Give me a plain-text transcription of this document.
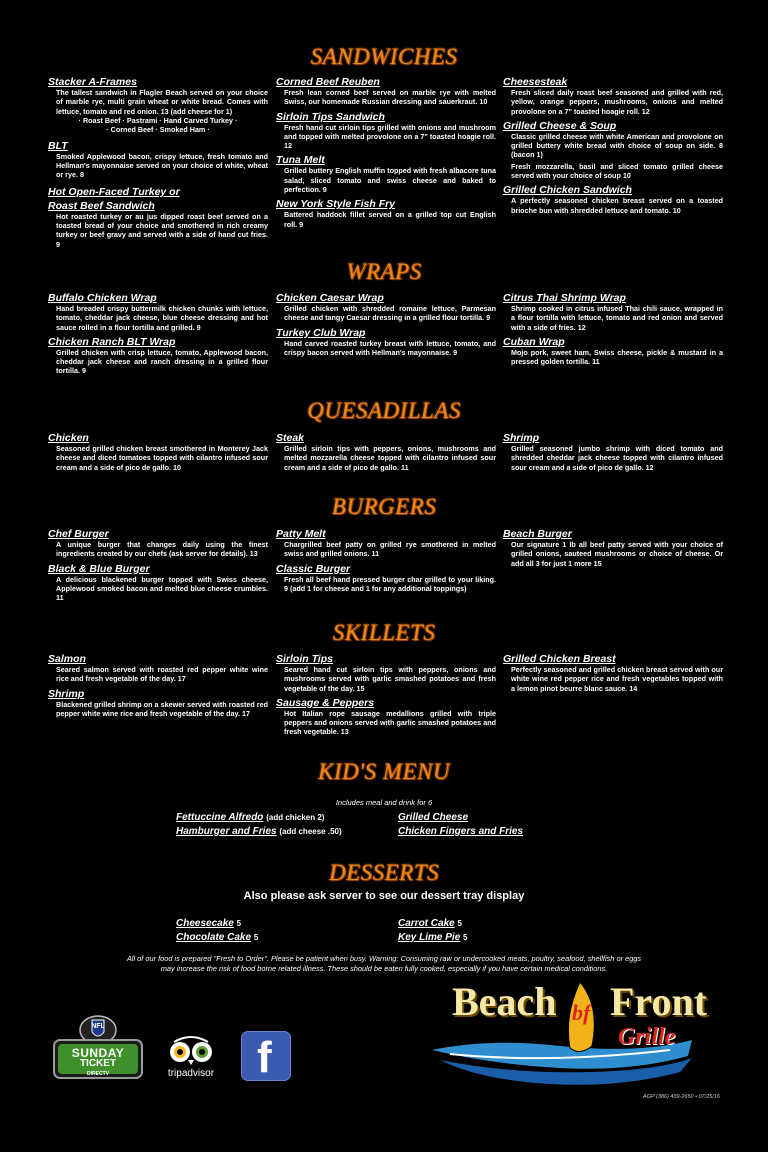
SANDWICHES
Stacker A-Frames
The tallest sandwich in Flagler Beach served on your choice of marble rye, multi grain wheat or white bread. Comes with lettuce, tomato and red onion. 13 (add cheese for 1)
· Roast Beef · Pastrami · Hand Carved Turkey ·
· Corned Beef · Smoked Ham ·
BLT
Smoked Applewood bacon, crispy lettuce, fresh tomato and Hellman's mayonnaise served on your choice of white, wheat or rye. 8
Hot Open-Faced Turkey or
Roast Beef Sandwich
Hot roasted turkey or au jus dipped roast beef served on a toasted bread of your choice and smothered in rich creamy turkey or beef gravy and served with a side of hand cut fries. 9
Corned Beef Reuben
Fresh lean corned beef served on marble rye with melted Swiss, our homemade Russian dressing and sauerkraut. 10
Sirloin Tips Sandwich
Fresh hand cut sirloin tips grilled with onions and mushroom and topped with melted provolone on a 7" toasted hoagie roll. 12
Tuna Melt
Grilled buttery English muffin topped with fresh albacore tuna salad, sliced tomato and swiss cheese and baked to perfection. 9
New York Style Fish Fry
Battered haddock fillet served on a grilled top cut English roll. 9
Cheesesteak
Fresh sliced daily roast beef seasoned and grilled with red, yellow, orange peppers, mushrooms, onions and melted provolone on a 7" toasted hoagie roll. 12
Grilled Cheese & Soup
Classic grilled cheese with white American and provolone on grilled buttery white bread with choice of soup on side. 8 (bacon 1)
Fresh mozzarella, basil and sliced tomato grilled cheese served with your choice of soup 10
Grilled Chicken Sandwich
A perfectly seasoned chicken breast served on a toasted brioche bun with shredded lettuce and tomato. 10
WRAPS
Buffalo Chicken Wrap
Hand breaded crispy buttermilk chicken chunks with lettuce, tomato, cheddar jack cheese, blue cheese dressing and hot sauce rolled in a flour tortilla and grilled. 9
Chicken Ranch BLT Wrap
Grilled chicken with crisp lettuce, tomato, Applewood bacon, cheddar jack cheese and ranch dressing in a grilled flour tortilla. 9
Chicken Caesar Wrap
Grilled chicken with shredded romaine lettuce, Parmesan cheese and tangy Caesar dressing in a grilled flour tortilla. 9
Turkey Club Wrap
Hand carved roasted turkey breast with lettuce, tomato, and crispy bacon served with Hellman's mayonnaise. 9
Citrus Thai Shrimp Wrap
Shrimp cooked in citrus infused Thai chili sauce, wrapped in a flour tortilla with lettuce, tomato and red onion and served with a side of fries. 12
Cuban Wrap
Mojo pork, sweet ham, Swiss cheese, pickle & mustard in a pressed golden tortilla. 11
QUESADILLAS
Chicken
Seasoned grilled chicken breast smothered in Monterey Jack cheese and diced tomatoes topped with cilantro infused sour cream and a side of pico de gallo. 10
Steak
Grilled sirloin tips with peppers, onions, mushrooms and melted mozzarella cheese topped with cilantro infused sour cream and a side of pico de gallo. 11
Shrimp
Grilled seasoned jumbo shrimp with diced tomato and shredded cheddar jack cheese topped with cilantro infused sour cream and a side of pico de gallo. 12
BURGERS
Chef Burger
A unique burger that changes daily using the finest ingredients created by our chefs (ask server for details). 13
Black & Blue Burger
A delicious blackened burger topped with Swiss cheese, Applewood smoked bacon and melted blue cheese crumbles. 11
Patty Melt
Chargrilled beef patty on grilled rye smothered in melted swiss and grilled onions. 11
Classic Burger
Fresh all beef hand pressed burger char grilled to your liking. 9 (add 1 for cheese and 1 for any additional toppings)
Beach Burger
Our signature 1 lb all beef patty served with your choice of grilled onions, sauteed mushrooms or choice of cheese. Or add all 3 for just 1 more 15
SKILLETS
Salmon
Seared salmon served with roasted red pepper white wine rice and fresh vegetable of the day. 17
Shrimp
Blackened grilled shrimp on a skewer served with roasted red pepper white wine rice and fresh vegetable of the day. 17
Sirloin Tips
Seared hand cut sirloin tips with peppers, onions and mushrooms served with garlic smashed potatoes and fresh vegetable of the day. 15
Sausage & Peppers
Hot Italian rope sausage medallions grilled with triple peppers and onions served with garlic smashed potatoes and fresh vegetable. 13
Grilled Chicken Breast
Perfectly seasoned and grilled chicken breast served with our white wine red pepper rice and fresh vegetables topped with a lemon pinot beurre blanc sauce. 14
KID'S MENU
Includes meal and drink for 6
Fettuccine Alfredo (add chicken 2)
Hamburger and Fries (add cheese .50)
Grilled Cheese
Chicken Fingers and Fries
DESSERTS
Also please ask server to see our dessert tray display
Cheesecake 5
Chocolate Cake 5
Carrot Cake 5
Key Lime Pie 5
All of our food is prepared "Fresh to Order". Please be patient when busy. Warning: Consuming raw or undercooked meats, poultry, seafood, shellfish or eggs may increase the risk of food borne related illness. These should be eaten fully cooked, especially if you have certain medical conditions.
NFL
SUNDAY
TICKET
DIRECTV	tripadvisor f
Beach bf Front
Grille
AGP (386) 439-2650 • 07/25/16
